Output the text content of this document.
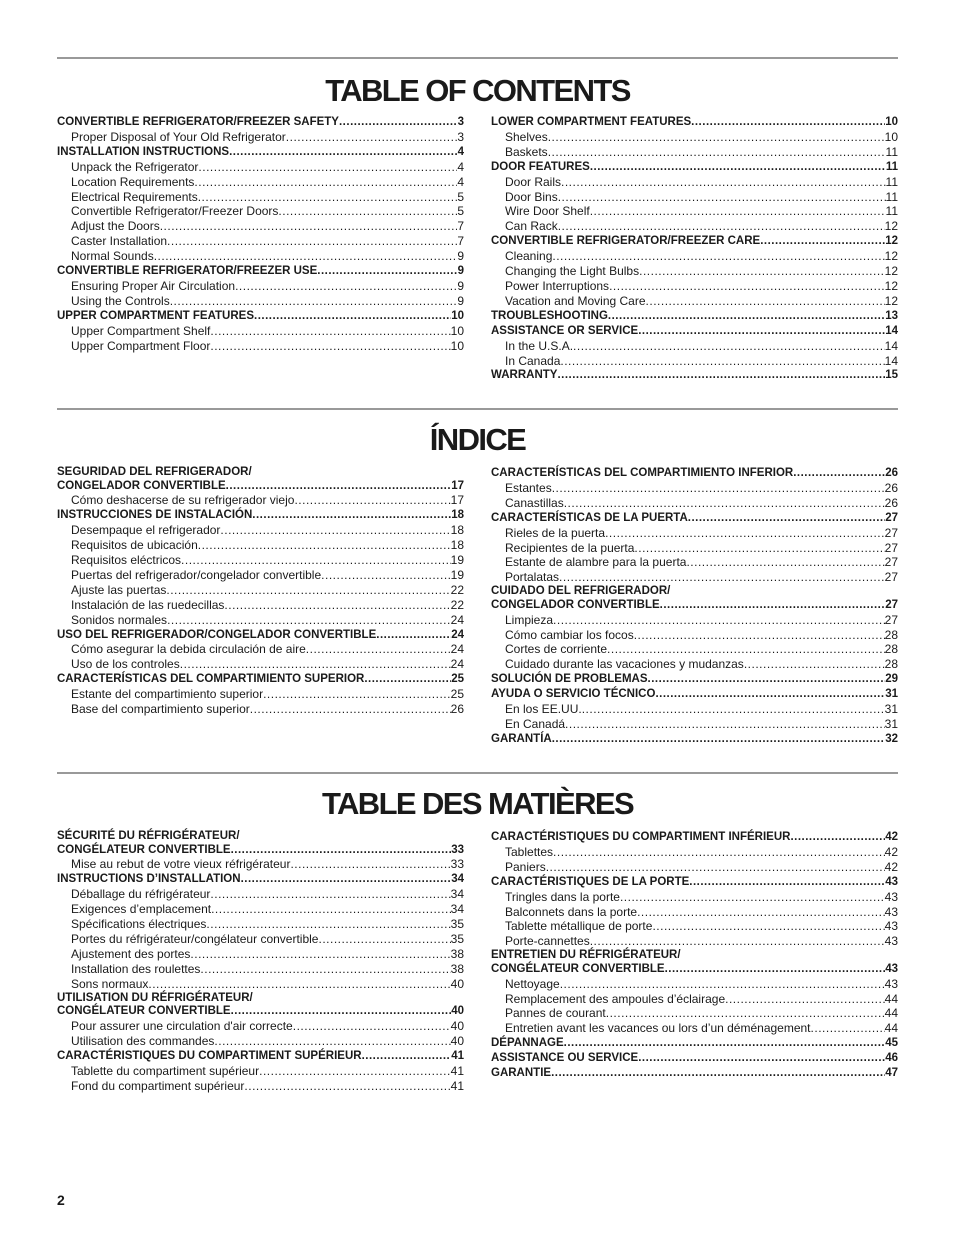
TABLE OF CONTENTS
CONVERTIBLE REFRIGERATOR/FREEZER SAFETY .....	3
Proper Disposal of Your Old Refrigerator .....	3
INSTALLATION INSTRUCTIONS .....	4
Unpack the Refrigerator .....	4
Location Requirements .....	4
Electrical Requirements .....	5
Convertible Refrigerator/Freezer Doors .....	5
Adjust the Doors .....	7
Caster Installation .....	7
Normal Sounds .....	9
CONVERTIBLE REFRIGERATOR/FREEZER USE .....	9
Ensuring Proper Air Circulation .....	9
Using the Controls .....	9
UPPER COMPARTMENT FEATURES .....	10
Upper Compartment Shelf .....	10
Upper Compartment Floor .....	10
LOWER COMPARTMENT FEATURES .....	10
Shelves .....	10
Baskets .....	11
DOOR FEATURES .....	11
Door Rails .....	11
Door Bins .....	11
Wire Door Shelf .....	11
Can Rack .....	12
CONVERTIBLE REFRIGERATOR/FREEZER CARE .....	12
Cleaning .....	12
Changing the Light Bulbs .....	12
Power Interruptions .....	12
Vacation and Moving Care .....	12
TROUBLESHOOTING .....	13
ASSISTANCE OR SERVICE .....	14
In the U.S.A. .....	14
In Canada .....	14
WARRANTY .....	15
ÍNDICE
SEGURIDAD DEL REFRIGERADOR/
CONGELADOR CONVERTIBLE .....	17
Cómo deshacerse de su refrigerador viejo .....	17
INSTRUCCIONES DE INSTALACIÓN .....	18
Desempaque el refrigerador .....	18
Requisitos de ubicación .....	18
Requisitos eléctricos .....	19
Puertas del refrigerador/congelador convertible .....	19
Ajuste las puertas .....	22
Instalación de las ruedecillas .....	22
Sonidos normales .....	24
USO DEL REFRIGERADOR/CONGELADOR CONVERTIBLE .....	24
Cómo asegurar la debida circulación de aire .....	24
Uso de los controles .....	24
CARACTERÍSTICAS DEL COMPARTIMIENTO SUPERIOR .....	25
Estante del compartimiento superior .....	25
Base del compartimiento superior .....	26
CARACTERÍSTICAS DEL COMPARTIMIENTO INFERIOR .....	26
Estantes .....	26
Canastillas .....	26
CARACTERÍSTICAS DE LA PUERTA .....	27
Rieles de la puerta .....	27
Recipientes de la puerta .....	27
Estante de alambre para la puerta .....	27
Portalatas .....	27
CUIDADO DEL REFRIGERADOR/
CONGELADOR CONVERTIBLE .....	27
Limpieza .....	27
Cómo cambiar los focos .....	28
Cortes de corriente .....	28
Cuidado durante las vacaciones y mudanzas .....	28
SOLUCIÓN DE PROBLEMAS .....	29
AYUDA O SERVICIO TÉCNICO .....	31
En los EE.UU. .....	31
En Canadá .....	31
GARANTÍA .....	32
TABLE DES MATIÈRES
SÉCURITÉ DU RÉFRIGÉRATEUR/
CONGÉLATEUR CONVERTIBLE .....	33
Mise au rebut de votre vieux réfrigérateur .....	33
INSTRUCTIONS D’INSTALLATION .....	34
Déballage du réfrigérateur .....	34
Exigences d’emplacement .....	34
Spécifications électriques .....	35
Portes du réfrigérateur/congélateur convertible .....	35
Ajustement des portes .....	38
Installation des roulettes .....	38
Sons normaux .....	40
UTILISATION DU RÉFRIGÉRATEUR/
CONGÉLATEUR CONVERTIBLE .....	40
Pour assurer une circulation d'air correcte .....	40
Utilisation des commandes .....	40
CARACTÉRISTIQUES DU COMPARTIMENT SUPÉRIEUR .....	41
Tablette du compartiment supérieur .....	41
Fond du compartiment supérieur .....	41
CARACTÉRISTIQUES DU COMPARTIMENT INFÉRIEUR .....	42
Tablettes .....	42
Paniers .....	42
CARACTÉRISTIQUES DE LA PORTE .....	43
Tringles dans la porte .....	43
Balconnets dans la porte .....	43
Tablette métallique de porte .....	43
Porte-cannettes .....	43
ENTRETIEN DU RÉFRIGÉRATEUR/
CONGÉLATEUR CONVERTIBLE .....	43
Nettoyage .....	43
Remplacement des ampoules d’éclairage .....	44
Pannes de courant .....	44
Entretien avant les vacances ou lors d’un déménagement .....	44
DÉPANNAGE .....	45
ASSISTANCE OU SERVICE .....	46
GARANTIE .....	47
2
